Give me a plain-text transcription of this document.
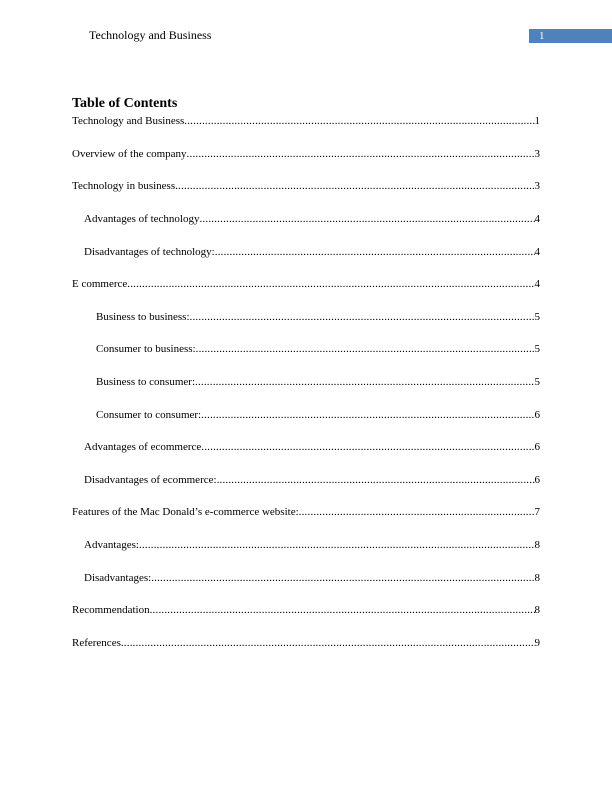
Technology and Business	1
Table of Contents
Technology and Business .....	1
Overview of the company .....	3
Technology in business .....	3
Advantages of technology .....	4
Disadvantages of technology: .....	4
E commerce .....	4
Business to business: .....	5
Consumer to business: .....	5
Business to consumer: .....	5
Consumer to consumer: .....	6
Advantages of ecommerce .....	6
Disadvantages of ecommerce: .....	6
Features of the Mac Donald’s e-commerce website: .....	7
Advantages: .....	8
Disadvantages: .....	8
Recommendation .....	8
References .....	9
